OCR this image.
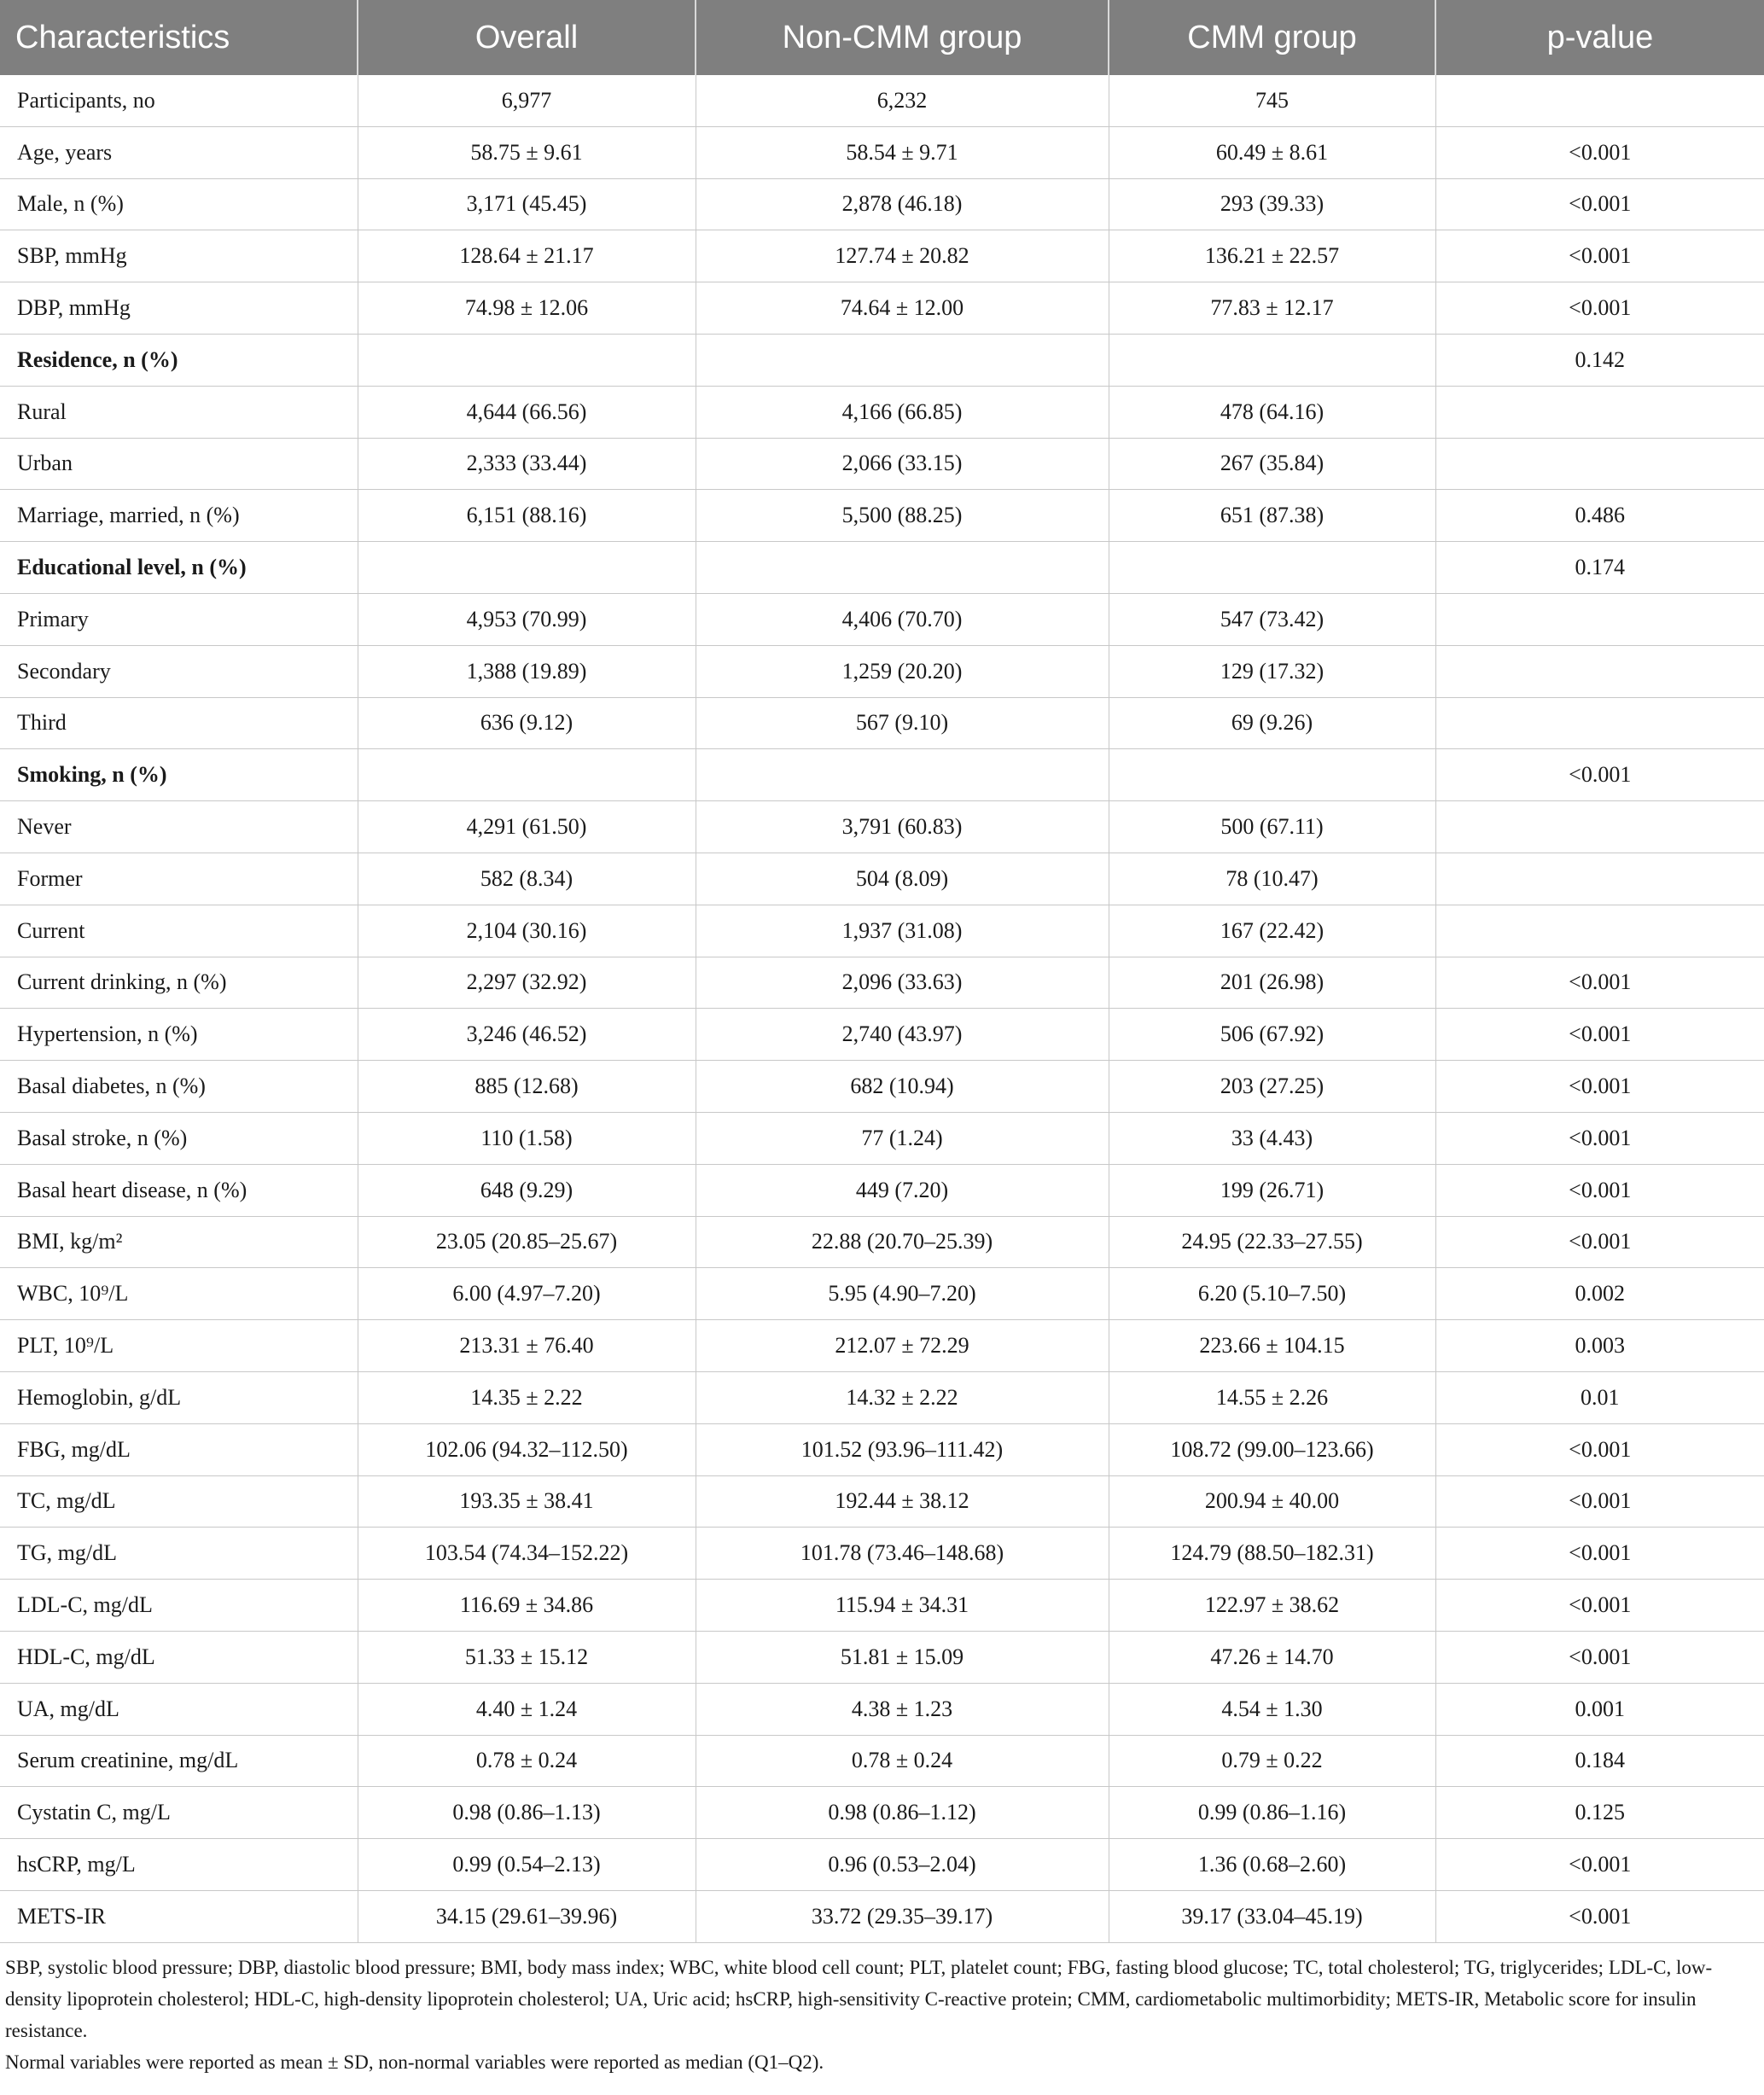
Characteristics	Overall	Non-CMM group	CMM group	p-value
Participants, no	6,977	6,232	745	
Age, years	58.75 ± 9.61	58.54 ± 9.71	60.49 ± 8.61	<0.001
Male, n (%)	3,171 (45.45)	2,878 (46.18)	293 (39.33)	<0.001
SBP, mmHg	128.64 ± 21.17	127.74 ± 20.82	136.21 ± 22.57	<0.001
DBP, mmHg	74.98 ± 12.06	74.64 ± 12.00	77.83 ± 12.17	<0.001
Residence, n (%)				0.142
Rural	4,644 (66.56)	4,166 (66.85)	478 (64.16)	
Urban	2,333 (33.44)	2,066 (33.15)	267 (35.84)	
Marriage, married, n (%)	6,151 (88.16)	5,500 (88.25)	651 (87.38)	0.486
Educational level, n (%)				0.174
Primary	4,953 (70.99)	4,406 (70.70)	547 (73.42)	
Secondary	1,388 (19.89)	1,259 (20.20)	129 (17.32)	
Third	636 (9.12)	567 (9.10)	69 (9.26)	
Smoking, n (%)				<0.001
Never	4,291 (61.50)	3,791 (60.83)	500 (67.11)	
Former	582 (8.34)	504 (8.09)	78 (10.47)	
Current	2,104 (30.16)	1,937 (31.08)	167 (22.42)	
Current drinking, n (%)	2,297 (32.92)	2,096 (33.63)	201 (26.98)	<0.001
Hypertension, n (%)	3,246 (46.52)	2,740 (43.97)	506 (67.92)	<0.001
Basal diabetes, n (%)	885 (12.68)	682 (10.94)	203 (27.25)	<0.001
Basal stroke, n (%)	110 (1.58)	77 (1.24)	33 (4.43)	<0.001
Basal heart disease, n (%)	648 (9.29)	449 (7.20)	199 (26.71)	<0.001
BMI, kg/m²	23.05 (20.85–25.67)	22.88 (20.70–25.39)	24.95 (22.33–27.55)	<0.001
WBC, 10⁹/L	6.00 (4.97–7.20)	5.95 (4.90–7.20)	6.20 (5.10–7.50)	0.002
PLT, 10⁹/L	213.31 ± 76.40	212.07 ± 72.29	223.66 ± 104.15	0.003
Hemoglobin, g/dL	14.35 ± 2.22	14.32 ± 2.22	14.55 ± 2.26	0.01
FBG, mg/dL	102.06 (94.32–112.50)	101.52 (93.96–111.42)	108.72 (99.00–123.66)	<0.001
TC, mg/dL	193.35 ± 38.41	192.44 ± 38.12	200.94 ± 40.00	<0.001
TG, mg/dL	103.54 (74.34–152.22)	101.78 (73.46–148.68)	124.79 (88.50–182.31)	<0.001
LDL-C, mg/dL	116.69 ± 34.86	115.94 ± 34.31	122.97 ± 38.62	<0.001
HDL-C, mg/dL	51.33 ± 15.12	51.81 ± 15.09	47.26 ± 14.70	<0.001
UA, mg/dL	4.40 ± 1.24	4.38 ± 1.23	4.54 ± 1.30	0.001
Serum creatinine, mg/dL	0.78 ± 0.24	0.78 ± 0.24	0.79 ± 0.22	0.184
Cystatin C, mg/L	0.98 (0.86–1.13)	0.98 (0.86–1.12)	0.99 (0.86–1.16)	0.125
hsCRP, mg/L	0.99 (0.54–2.13)	0.96 (0.53–2.04)	1.36 (0.68–2.60)	<0.001
METS-IR	34.15 (29.61–39.96)	33.72 (29.35–39.17)	39.17 (33.04–45.19)	<0.001

SBP, systolic blood pressure; DBP, diastolic blood pressure; BMI, body mass index; WBC, white blood cell count; PLT, platelet count; FBG, fasting blood glucose; TC, total cholesterol; TG, triglycerides; LDL-C, low-density lipoprotein cholesterol; HDL-C, high-density lipoprotein cholesterol; UA, Uric acid; hsCRP, high-sensitivity C-reactive protein; CMM, cardiometabolic multimorbidity; METS-IR, Metabolic score for insulin resistance.

Normal variables were reported as mean ± SD, non-normal variables were reported as median (Q1–Q2).
